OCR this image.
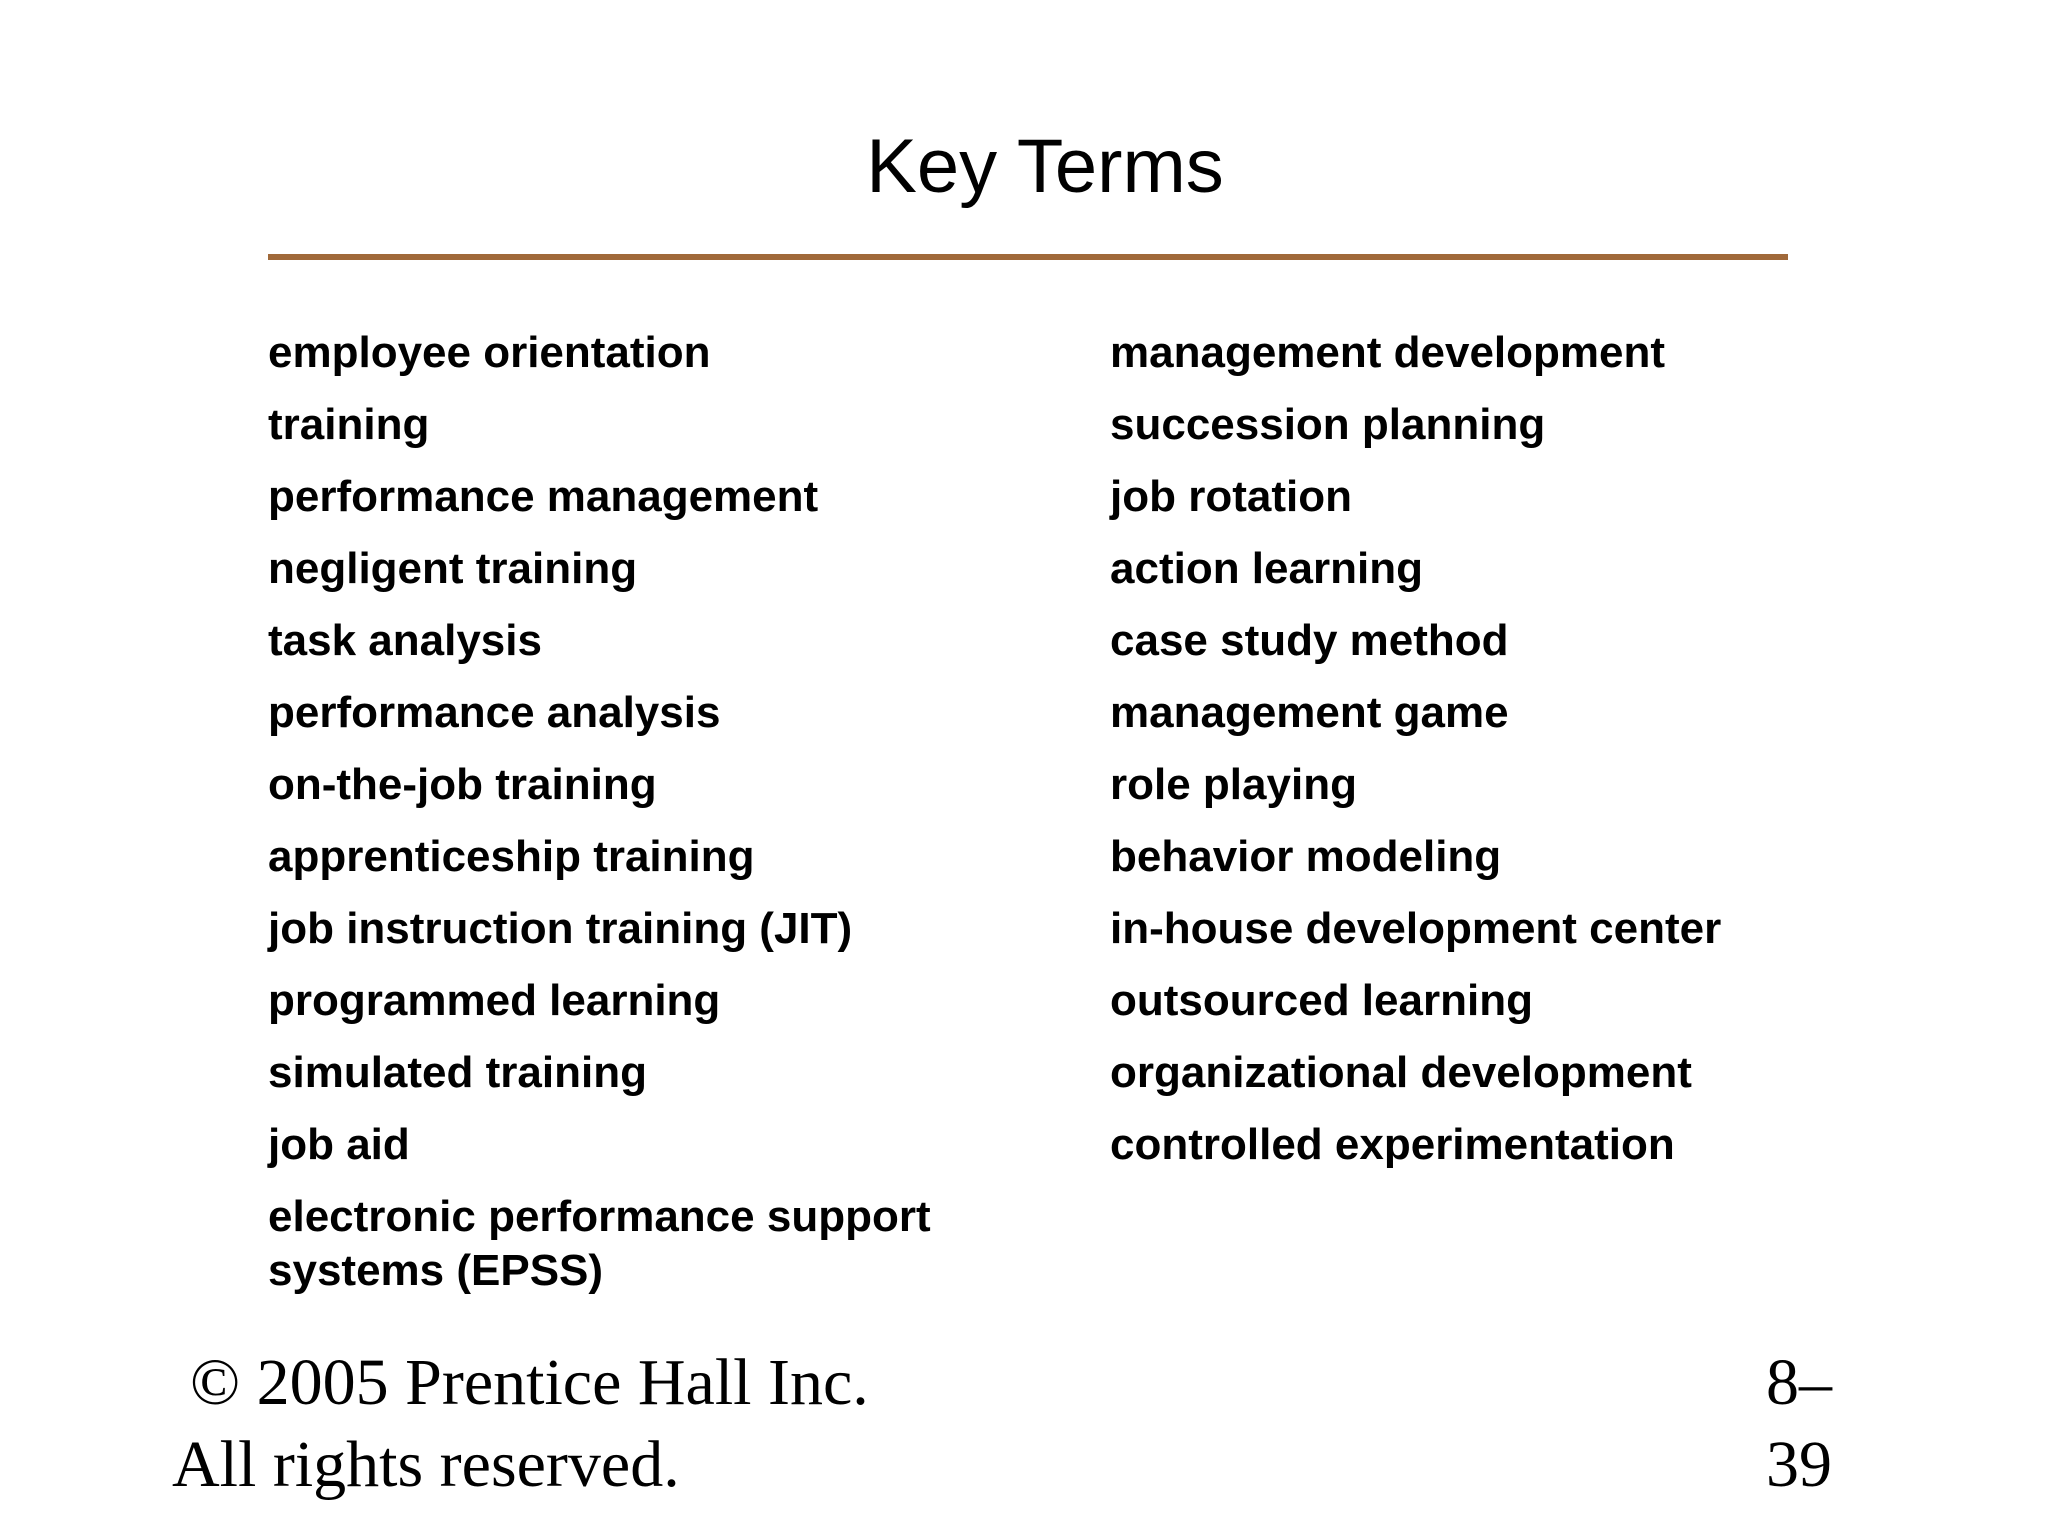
Key Terms
employee orientation
training
performance management
negligent training
task analysis
performance analysis
on-the-job training
apprenticeship training
job instruction training (JIT)
programmed learning
simulated training
job aid
electronic performance support systems (EPSS)
management development
succession planning
job rotation
action learning
case study method
management game
role playing
behavior modeling
in-house development center
outsourced learning
organizational development
controlled experimentation

© 2005 Prentice Hall Inc.
All rights reserved.

8–
39
